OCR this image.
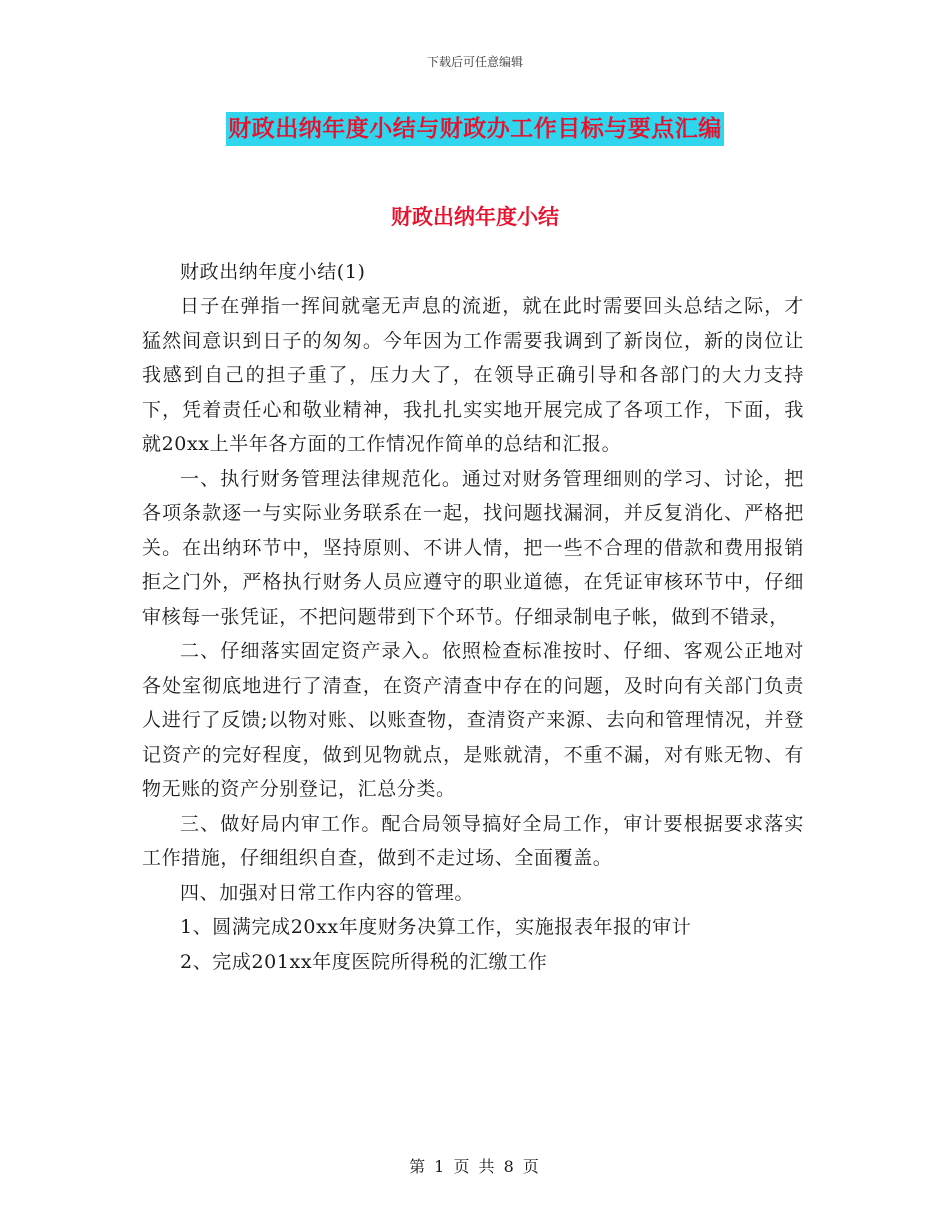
下载后可任意编辑
财政出纳年度小结与财政办工作目标与要点汇编
财政出纳年度小结

财政出纳年度小结(1)

日子在弹指一挥间就毫无声息的流逝，就在此时需要回头总结之际，才猛然间意识到日子的匆匆。今年因为工作需要我调到了新岗位，新的岗位让我感到自己的担子重了，压力大了，在领导正确引导和各部门的大力支持下，凭着责任心和敬业精神，我扎扎实实地开展完成了各项工作，下面，我就20xx上半年各方面的工作情况作简单的总结和汇报。

一、执行财务管理法律规范化。通过对财务管理细则的学习、讨论，把各项条款逐一与实际业务联系在一起，找问题找漏洞，并反复消化、严格把关。在出纳环节中，坚持原则、不讲人情，把一些不合理的借款和费用报销拒之门外，严格执行财务人员应遵守的职业道德，在凭证审核环节中，仔细审核每一张凭证，不把问题带到下个环节。仔细录制电子帐，做到不错录，

二、仔细落实固定资产录入。依照检查标准按时、仔细、客观公正地对各处室彻底地进行了清查，在资产清查中存在的问题，及时向有关部门负责人进行了反馈;以物对账、以账查物，查清资产来源、去向和管理情况，并登记资产的完好程度，做到见物就点，是账就清，不重不漏，对有账无物、有物无账的资产分别登记，汇总分类。

三、做好局内审工作。配合局领导搞好全局工作，审计要根据要求落实工作措施，仔细组织自查，做到不走过场、全面覆盖。

四、加强对日常工作内容的管理。

1、圆满完成20xx年度财务决算工作，实施报表年报的审计

2、完成201xx年度医院所得税的汇缴工作

第 1 页 共 8 页
